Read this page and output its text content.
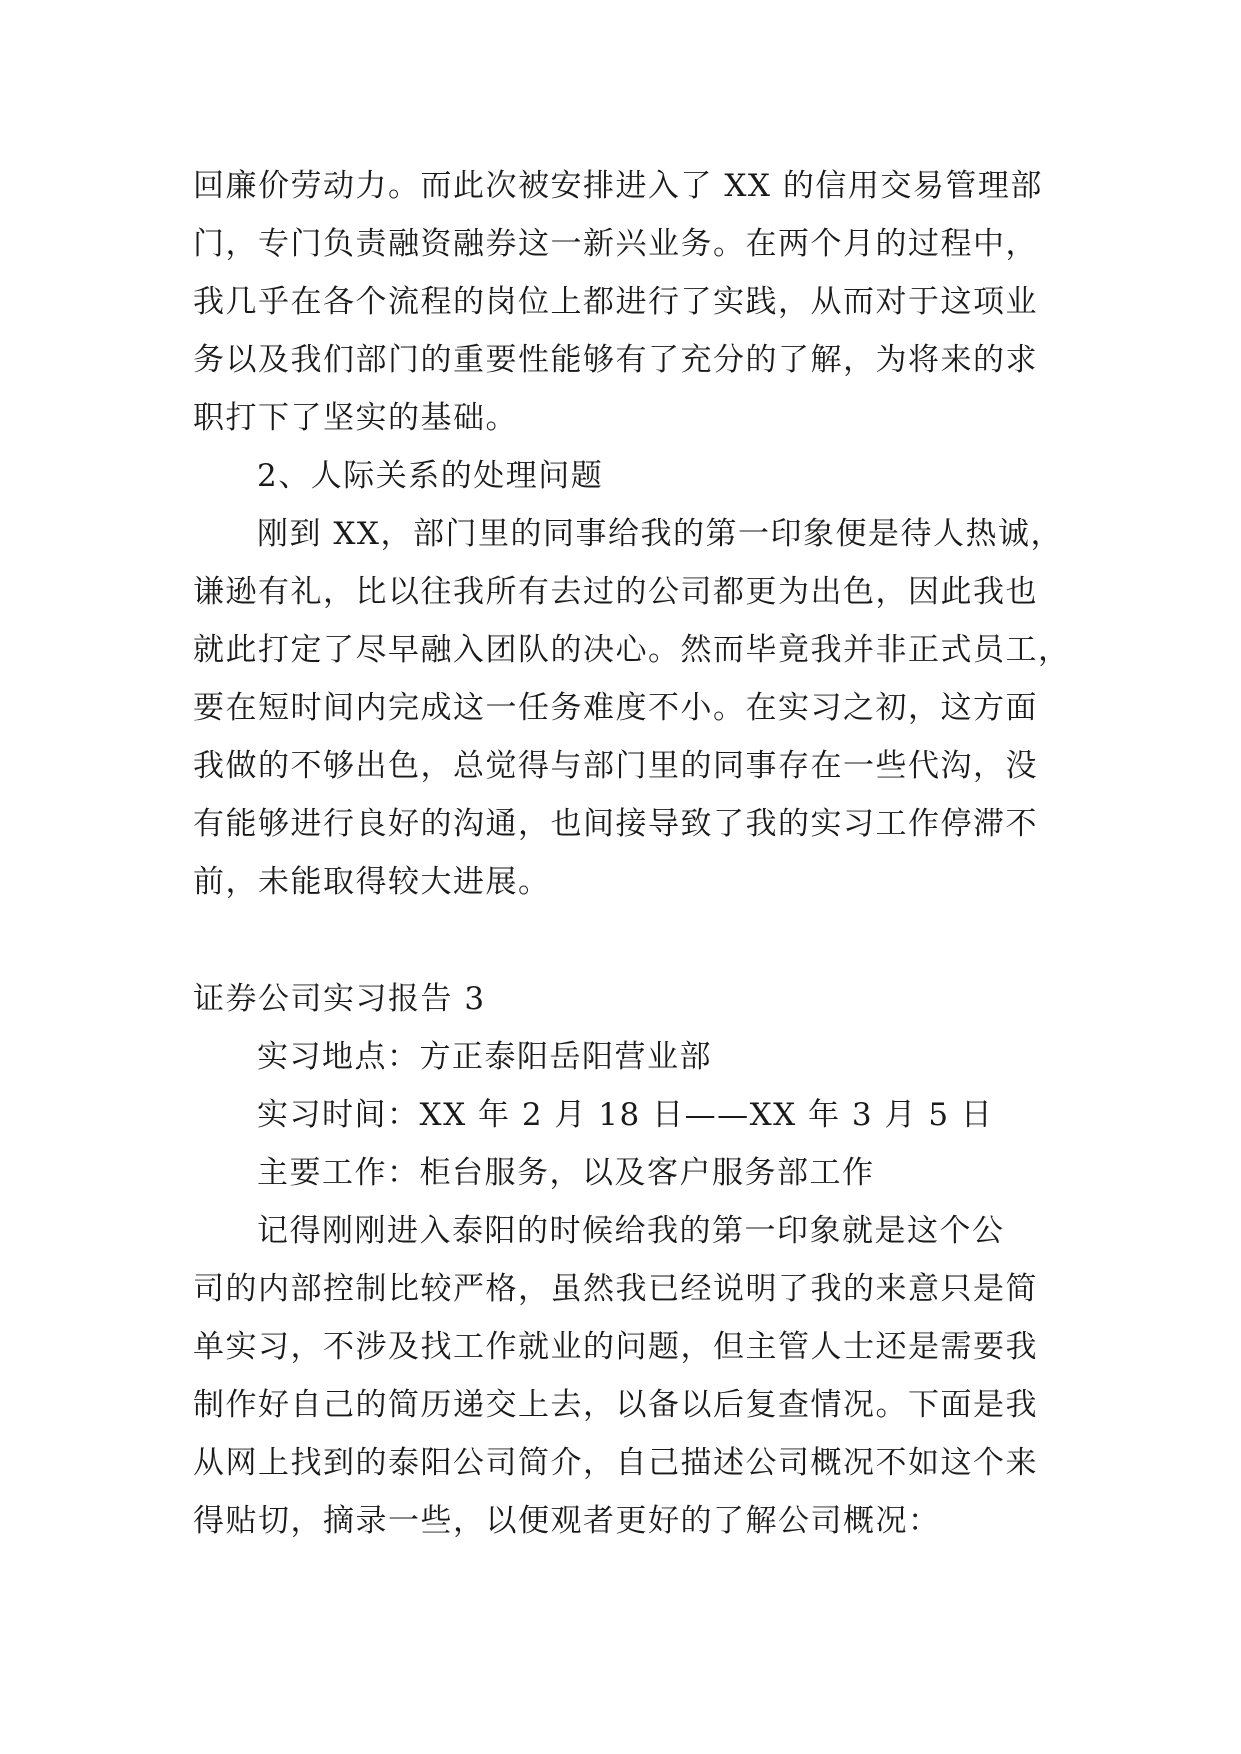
回廉价劳动力。而此次被安排进入了 XX 的信用交易管理部
门，专门负责融资融券这一新兴业务。在两个月的过程中，
我几乎在各个流程的岗位上都进行了实践，从而对于这项业
务以及我们部门的重要性能够有了充分的了解，为将来的求
职打下了坚实的基础。
2、人际关系的处理问题
刚到 XX，部门里的同事给我的第一印象便是待人热诚，
谦逊有礼，比以往我所有去过的公司都更为出色，因此我也
就此打定了尽早融入团队的决心。然而毕竟我并非正式员工，
要在短时间内完成这一任务难度不小。在实习之初，这方面
我做的不够出色，总觉得与部门里的同事存在一些代沟，没
有能够进行良好的沟通，也间接导致了我的实习工作停滞不
前，未能取得较大进展。
证券公司实习报告 3
实习地点：方正泰阳岳阳营业部
实习时间：XX 年 2 月 18 日——XX 年 3 月 5 日
主要工作：柜台服务，以及客户服务部工作
记得刚刚进入泰阳的时候给我的第一印象就是这个公
司的内部控制比较严格，虽然我已经说明了我的来意只是简
单实习，不涉及找工作就业的问题，但主管人士还是需要我
制作好自己的简历递交上去，以备以后复查情况。下面是我
从网上找到的泰阳公司简介，自己描述公司概况不如这个来
得贴切，摘录一些，以便观者更好的了解公司概况：
